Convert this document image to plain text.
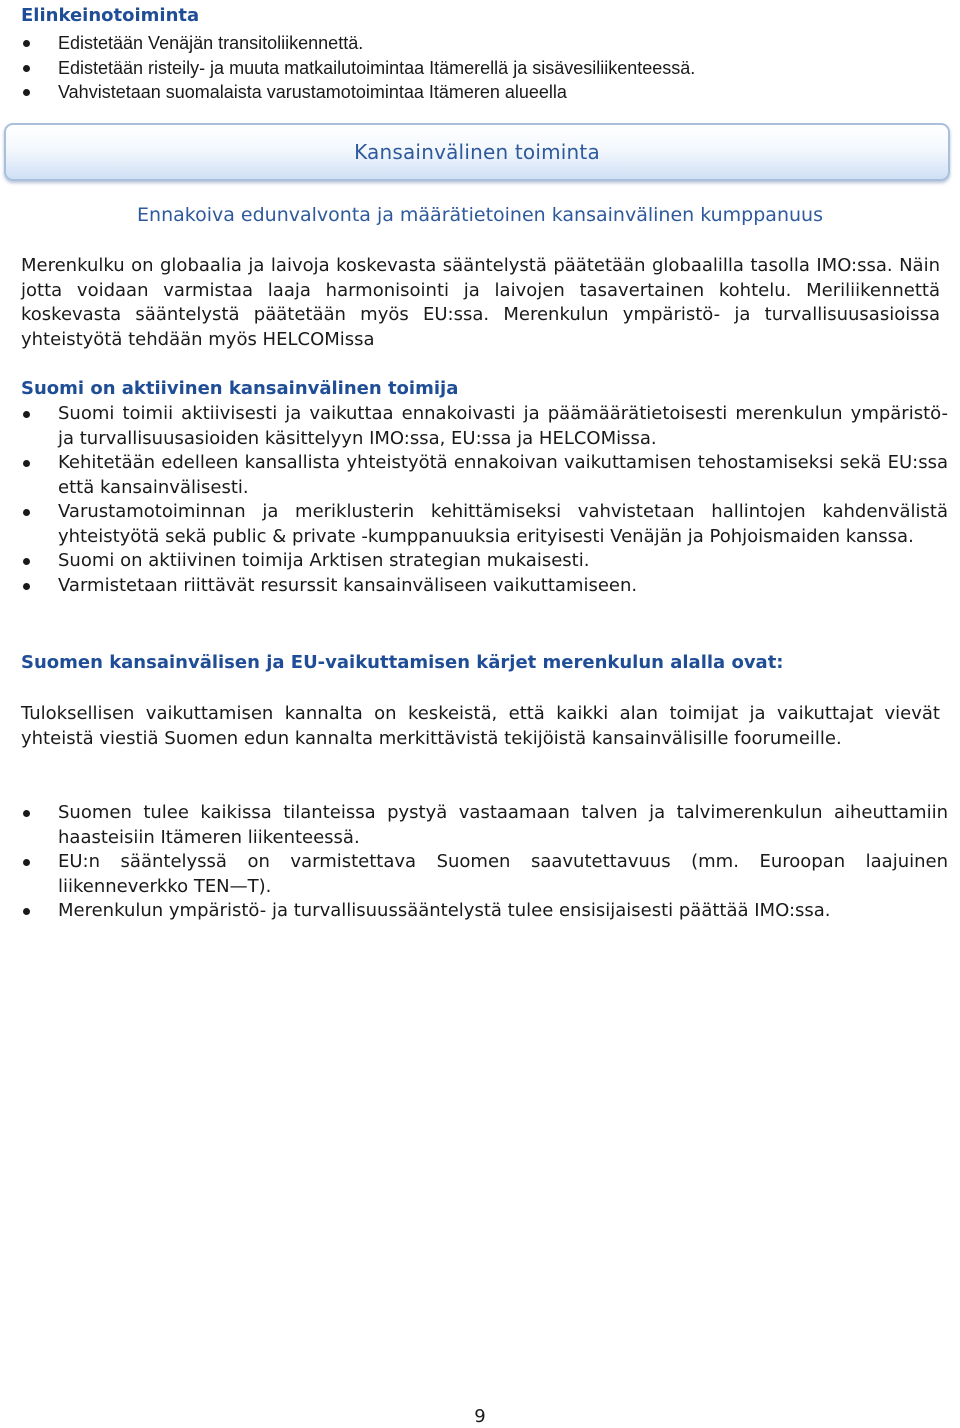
Elinkeinotoiminta
Edistetään Venäjän transitoliikennettä.
Edistetään risteily- ja muuta matkailutoimintaa Itämerellä ja sisävesiliikenteessä.
Vahvistetaan suomalaista varustamotoimintaa Itämeren alueella
Kansainvälinen toiminta
Ennakoiva edunvalvonta ja määrätietoinen kansainvälinen kumppanuus

Merenkulku on globaalia ja laivoja koskevasta sääntelystä päätetään globaalilla tasolla IMO:ssa. Näin jotta voidaan varmistaa laaja harmonisointi ja laivojen tasavertainen kohtelu. Meriliikennettä koskevasta sääntelystä päätetään myös EU:ssa. Merenkulun ympäristö- ja turvallisuusasioissa yhteistyötä tehdään myös HELCOMissa

Suomi on aktiivinen kansainvälinen toimija
Suomi toimii aktiivisesti ja vaikuttaa ennakoivasti ja päämäärätietoisesti merenkulun ympäristö- ja turvallisuusasioiden käsittelyyn IMO:ssa, EU:ssa ja HELCOMissa.
Kehitetään edelleen kansallista yhteistyötä ennakoivan vaikuttamisen tehostamiseksi sekä EU:ssa että kansainvälisesti.
Varustamotoiminnan ja meriklusterin kehittämiseksi vahvistetaan hallintojen kahdenvälistä yhteistyötä sekä public & private -kumppanuuksia erityisesti Venäjän ja Pohjoismaiden kanssa.
Suomi on aktiivinen toimija Arktisen strategian mukaisesti.
Varmistetaan riittävät resurssit kansainväliseen vaikuttamiseen.
Suomen kansainvälisen ja EU-vaikuttamisen kärjet merenkulun alalla ovat:

Tuloksellisen vaikuttamisen kannalta on keskeistä, että kaikki alan toimijat ja vaikuttajat vievät yhteistä viestiä Suomen edun kannalta merkittävistä tekijöistä kansainvälisille foorumeille.

Suomen tulee kaikissa tilanteissa pystyä vastaamaan talven ja talvimerenkulun aiheuttamiin haasteisiin Itämeren liikenteessä.
EU:n sääntelyssä on varmistettava Suomen saavutettavuus (mm. Euroopan laajuinen liikenneverkko TEN—T).
Merenkulun ympäristö- ja turvallisuussääntelystä tulee ensisijaisesti päättää IMO:ssa.
9
